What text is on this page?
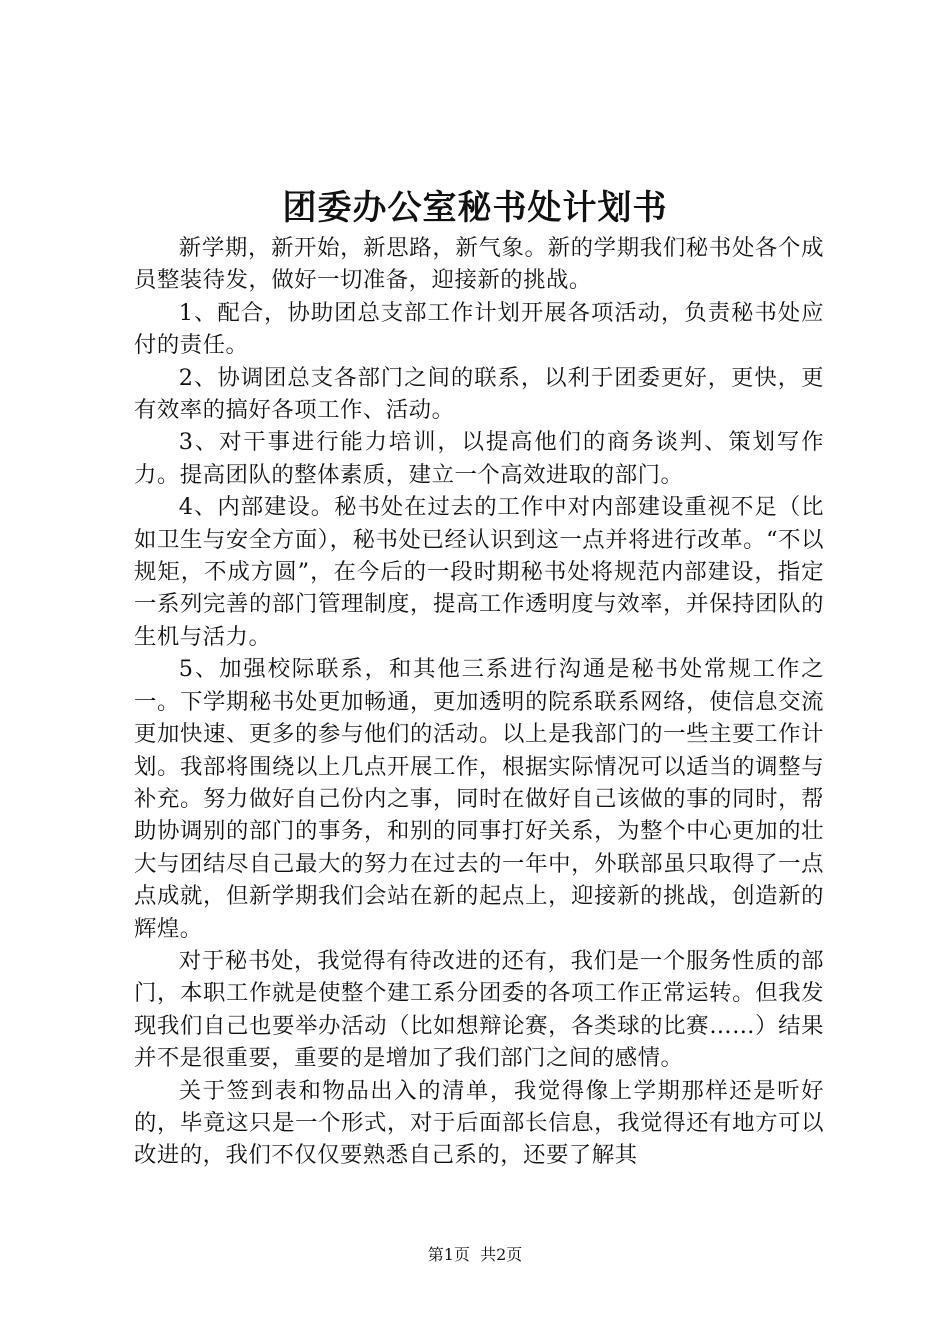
团委办公室秘书处计划书

新学期，新开始，新思路，新气象。新的学期我们秘书处各个成员整装待发，做好一切准备，迎接新的挑战。

1、配合，协助团总支部工作计划开展各项活动，负责秘书处应付的责任。

2、协调团总支各部门之间的联系，以利于团委更好，更快，更有效率的搞好各项工作、活动。

3、对干事进行能力培训，以提高他们的商务谈判、策划写作力。提高团队的整体素质，建立一个高效进取的部门。

4、内部建设。秘书处在过去的工作中对内部建设重视不足（比如卫生与安全方面），秘书处已经认识到这一点并将进行改革。“不以规矩，不成方圆”，在今后的一段时期秘书处将规范内部建设，指定一系列完善的部门管理制度，提高工作透明度与效率，并保持团队的生机与活力。

5、加强校际联系，和其他三系进行沟通是秘书处常规工作之一。下学期秘书处更加畅通，更加透明的院系联系网络，使信息交流更加快速、更多的参与他们的活动。以上是我部门的一些主要工作计划。我部将围绕以上几点开展工作，根据实际情况可以适当的调整与补充。努力做好自己份内之事，同时在做好自己该做的事的同时，帮助协调别的部门的事务，和别的同事打好关系，为整个中心更加的壮大与团结尽自己最大的努力在过去的一年中，外联部虽只取得了一点点成就，但新学期我们会站在新的起点上，迎接新的挑战，创造新的辉煌。

对于秘书处，我觉得有待改进的还有，我们是一个服务性质的部门，本职工作就是使整个建工系分团委的各项工作正常运转。但我发现我们自己也要举办活动（比如想辩论赛，各类球的比赛……）结果并不是很重要，重要的是增加了我们部门之间的感情。

关于签到表和物品出入的清单，我觉得像上学期那样还是听好的，毕竟这只是一个形式，对于后面部长信息，我觉得还有地方可以改进的，我们不仅仅要熟悉自己系的，还要了解其

第1页  共2页
